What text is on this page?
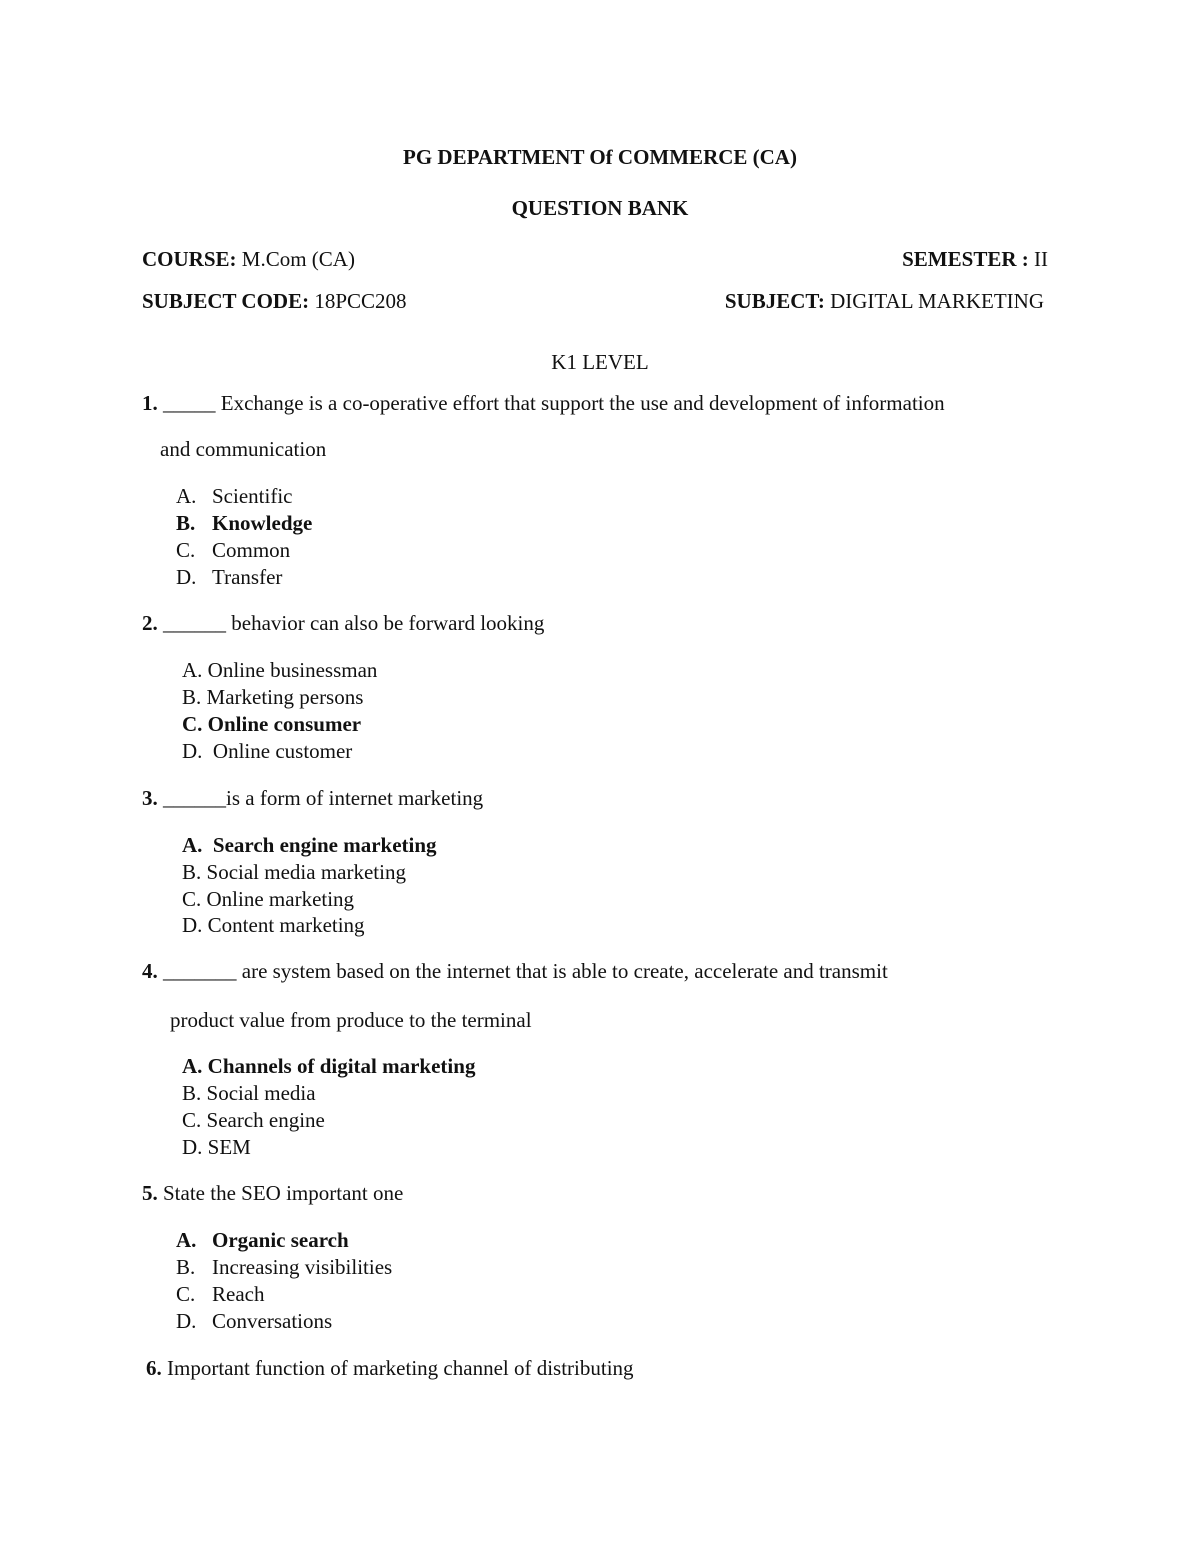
PG DEPARTMENT Of COMMERCE (CA)
QUESTION BANK
COURSE: M.Com (CA)	SEMESTER : II
SUBJECT CODE: 18PCC208	SUBJECT: DIGITAL MARKETING
K1 LEVEL
1. _____ Exchange is a co-operative effort that support the use and development of information
and communication
A. Scientific
B. Knowledge
C. Common
D. Transfer
2. ______ behavior can also be forward looking
A. Online businessman
B. Marketing persons
C. Online consumer
D. Online customer
3. ______is a form of internet marketing
A. Search engine marketing
B. Social media marketing
C. Online marketing
D. Content marketing
4. _______ are system based on the internet that is able to create, accelerate and transmit
product value from produce to the terminal
A. Channels of digital marketing
B. Social media
C. Search engine
D. SEM
5. State the SEO important one
A. Organic search
B. Increasing visibilities
C. Reach
D. Conversations
6. Important function of marketing channel of distributing
